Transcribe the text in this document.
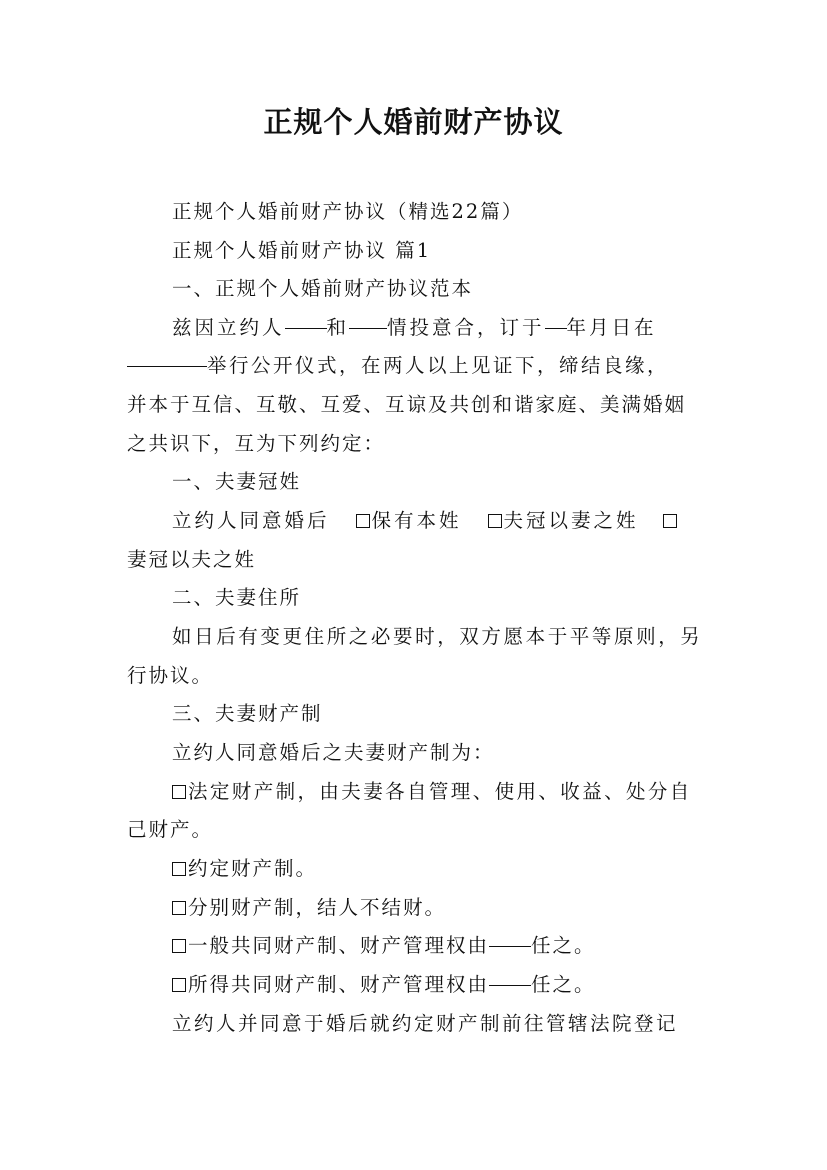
正规个人婚前财产协议
正规个人婚前财产协议（精选22篇）
正规个人婚前财产协议 篇1
一、正规个人婚前财产协议范本
兹因立约人 和 情投意合，订于 年月日在
举行公开仪式，在两人以上见证下，缔结良缘，
并本于互信、互敬、互爱、互谅及共创和谐家庭、美满婚姻
之共识下，互为下列约定：
一、夫妻冠姓
立约人同意婚后 保有本姓 夫冠以妻之姓
妻冠以夫之姓
二、夫妻住所
如日后有变更住所之必要时，双方愿本于平等原则，另
行协议。
三、夫妻财产制
立约人同意婚后之夫妻财产制为：
法定财产制，由夫妻各自管理、使用、收益、处分自
己财产。
约定财产制。
分别财产制，结人不结财。
一般共同财产制、财产管理权由 任之。
所得共同财产制、财产管理权由 任之。
立约人并同意于婚后就约定财产制前往管辖法院登记
